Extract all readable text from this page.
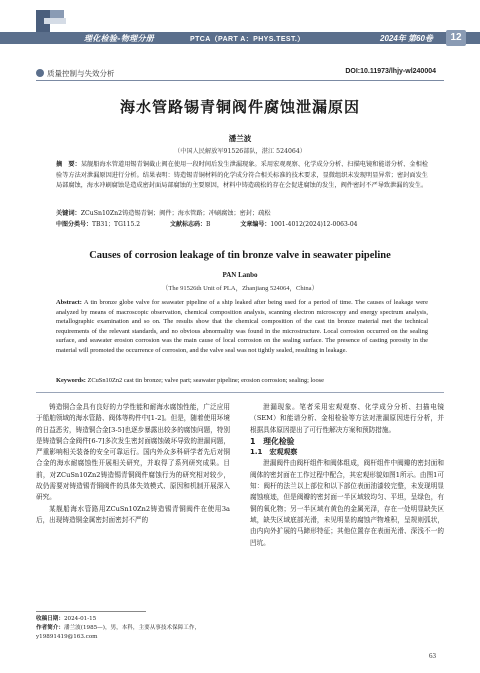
理化检验-物理分册	PTCA（PART A：PHYS.TEST.）	2024年 第60卷	12
质量控制与失效分析	DOI:10.11973/lhjy-wl240004
海水管路锡青铜阀件腐蚀泄漏原因
潘兰波
（中国人民解放军91526部队，湛江 524064）
摘　要：某舰船海水管道用锡青铜截止阀在使用一段时间后发生泄漏现象。采用宏观观察、化学成分分析、扫描电镜和能谱分析、金相检验等方法对泄漏原因进行分析。结果表明：铸造锡青铜材料的化学成分符合相关标准的技术要求，显微组织未发现明显异常；密封面发生局部腐蚀，海水冲刷腐蚀是造成密封面局部腐蚀的主要原因，材料中铸造疏松的存在会促进腐蚀的发生，阀件密封不严导致泄漏的发生。
关键词：ZCuSn10Zn2铸造锡青铜；阀件；海水管路；冲刷腐蚀；密封；疏松
中图分类号：TB31；TG115.2	文献标志码：B	文章编号：1001-4012(2024)12-0063-04
Causes of corrosion leakage of tin bronze valve in seawater pipeline
PAN Lanbo
（The 91526th Unit of PLA，Zhanjiang 524064，China）
Abstract: A tin bronze globe valve for seawater pipeline of a ship leaked after being used for a period of time. The causes of leakage were analyzed by means of macroscopic observation, chemical composition analysis, scanning electron microscopy and energy spectrum analysis, metallographic examination and so on. The results show that the chemical composition of the cast tin bronze material met the technical requirements of the relevant standards, and no obvious abnormality was found in the microstructure. Local corrosion occurred on the sealing surface, and seawater erosion corrosion was the main cause of local corrosion on the sealing surface. The presence of casting porosity in the material will promoted the occurrence of corrosion, and the valve seal was not tightly sealed, resulting in leakage.
Keywords: ZCuSn10Zn2 cast tin bronze; valve part; seawater pipeline; erosion corrosion; sealing; loose

铸造铜合金具有良好的力学性能和耐海水腐蚀性能，广泛应用于船舶领域的海水管路、阀体等构件中[1-2]。但是，随着使用环境的日益恶劣，铸造铜合金[3-5]也逐步暴露出较多的腐蚀问题，特别是铸造铜合金阀件[6-7]多次发生密封面腐蚀破坏导致的泄漏问题，严重影响相关装备的安全可靠运行。国内外众多科研学者先后对铜合金的海水耐腐蚀性开展相关研究，并取得了系列研究成果。目前，对ZCuSn10Zn2铸造锡青铜阀件腐蚀行为的研究相对较少，故仍需要对铸造锡青铜阀件的具体失效模式、原因和机制开展深入研究。

某舰船海水管路用ZCuSn10Zn2铸造锡青铜阀件在使用3a后，出现铸造铜金属密封面密封不严的

泄漏现象。笔者采用宏观观察、化学成分分析、扫描电镜（SEM）和能谱分析、金相检验等方法对泄漏原因进行分析，并根据具体原因提出了可行性解决方案和预防措施。

1　理化检验

1.1　宏观观察

泄漏阀件由阀杆组件和阀体组成，阀杆组件中阀瓣的密封面和阀体的密封面在工作过程中配合，其宏观形貌如图1所示。由图1可知：阀杆的法兰以上部位和以下部位表面油漆较完整，未发现明显腐蚀痕迹，但是阀瓣的密封面一半区域较均匀、平坦，呈绿色，有铜的氧化物；另一半区域有黄色的金属光泽，存在一处明显缺失区域，缺失区域底部光滑，未见明显的腐蚀产物堆积，呈规则弧状，由内向外扩展的马蹄形特征；其他位置存在表面光滑、深浅不一的凹坑。

收稿日期：2024-01-15
作者简介：潘兰波(1985—)，男，本科，主要从事技术保障工作，y19891419@163.com
63
